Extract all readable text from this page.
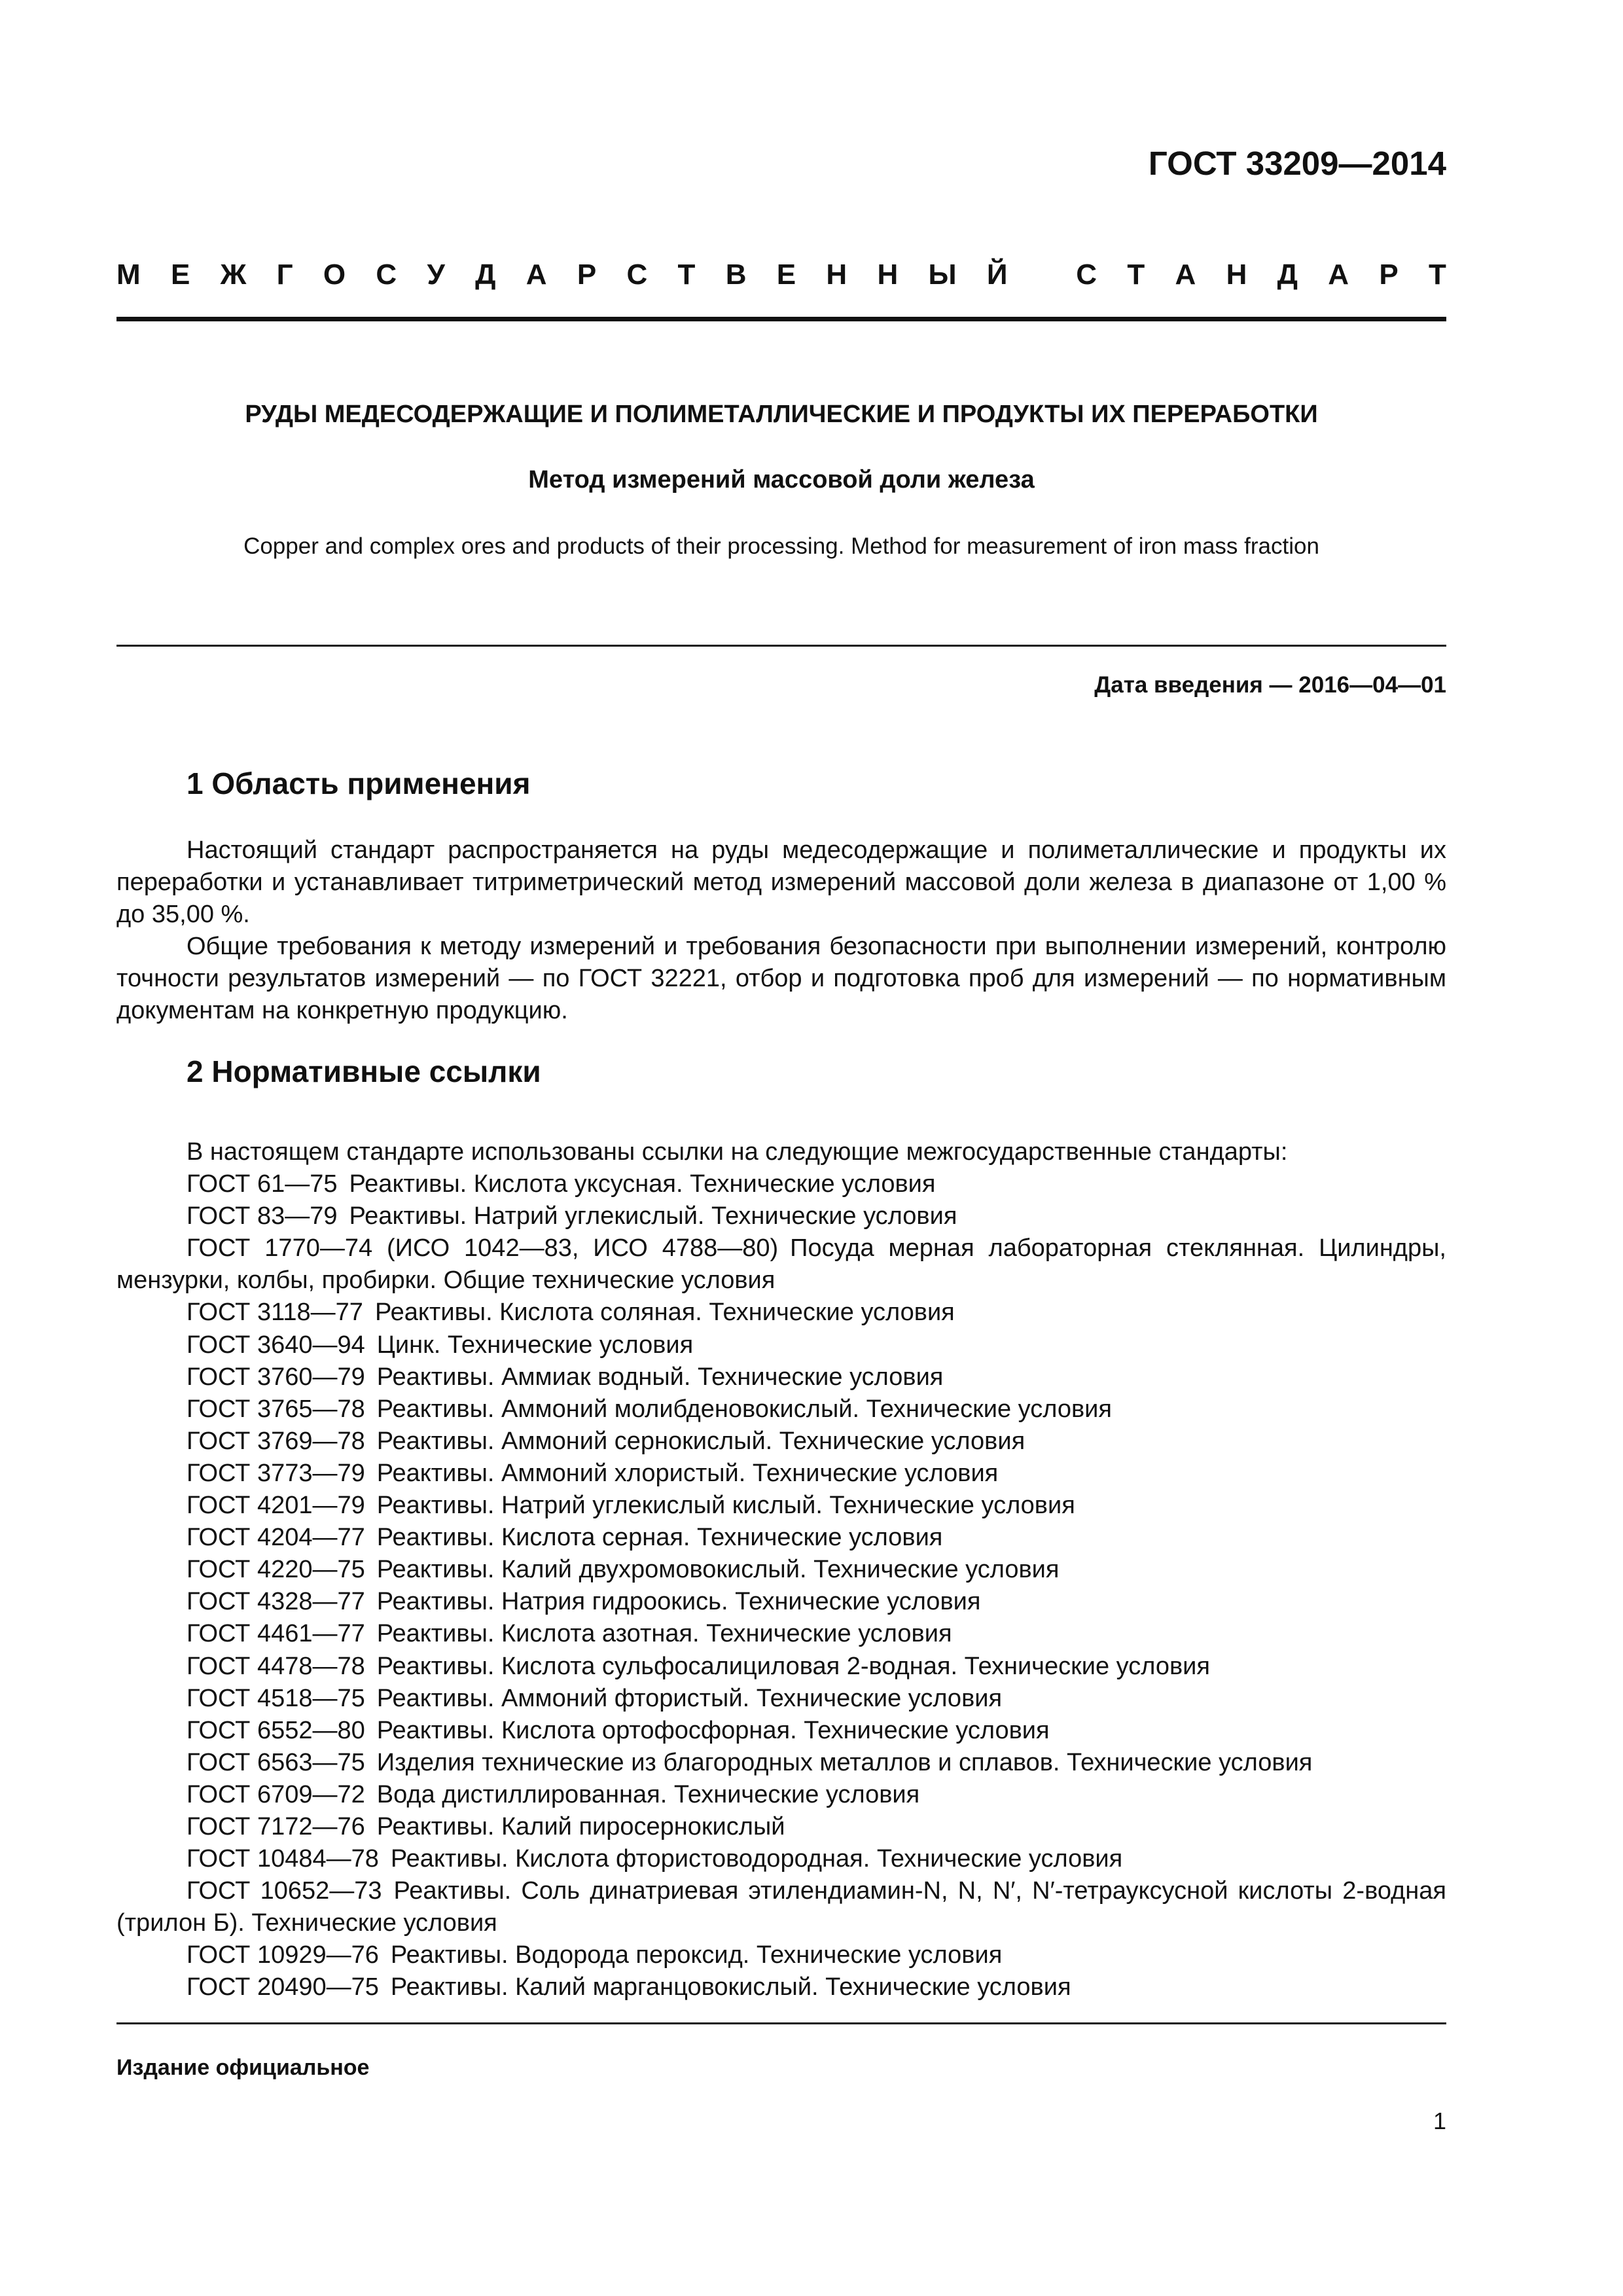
ГОСТ 33209—2014
М Е Ж Г О С У Д А Р С Т В Е Н Н Ы Й
С Т А Н Д А Р Т
РУДЫ МЕДЕСОДЕРЖАЩИЕ И ПОЛИМЕТАЛЛИЧЕСКИЕ И ПРОДУКТЫ ИХ ПЕРЕРАБОТКИ
Метод измерений массовой доли железа

Copper and complex ores and products of their processing. Method for measurement of iron mass fraction

Дата введения — 2016—04—01

1 Область применения

Настоящий стандарт распространяется на руды медесодержащие и полиметаллические и продукты их переработки и устанавливает титриметрический метод измерений массовой доли железа в диапазоне от 1,00 % до 35,00 %.

Общие требования к методу измерений и требования безопасности при выполнении измерений, контролю точности результатов измерений — по ГОСТ 32221, отбор и подготовка проб для измерений — по нормативным документам на конкретную продукцию.

2 Нормативные ссылки
В настоящем стандарте использованы ссылки на следующие межгосударственные стандарты:
ГОСТ 61—75 Реактивы. Кислота уксусная. Технические условия
ГОСТ 83—79 Реактивы. Натрий углекислый. Технические условия
ГОСТ 1770—74 (ИСО 1042—83, ИСО 4788—80) Посуда мерная лабораторная стеклянная. Цилиндры, мензурки, колбы, пробирки. Общие технические условия
ГОСТ 3118—77 Реактивы. Кислота соляная. Технические условия
ГОСТ 3640—94 Цинк. Технические условия
ГОСТ 3760—79 Реактивы. Аммиак водный. Технические условия
ГОСТ 3765—78 Реактивы. Аммоний молибденовокислый. Технические условия
ГОСТ 3769—78 Реактивы. Аммоний сернокислый. Технические условия
ГОСТ 3773—79 Реактивы. Аммоний хлористый. Технические условия
ГОСТ 4201—79 Реактивы. Натрий углекислый кислый. Технические условия
ГОСТ 4204—77 Реактивы. Кислота серная. Технические условия
ГОСТ 4220—75 Реактивы. Калий двухромовокислый. Технические условия
ГОСТ 4328—77 Реактивы. Натрия гидроокись. Технические условия
ГОСТ 4461—77 Реактивы. Кислота азотная. Технические условия
ГОСТ 4478—78 Реактивы. Кислота сульфосалициловая 2-водная. Технические условия
ГОСТ 4518—75 Реактивы. Аммоний фтористый. Технические условия
ГОСТ 6552—80 Реактивы. Кислота ортофосфорная. Технические условия
ГОСТ 6563—75 Изделия технические из благородных металлов и сплавов. Технические условия
ГОСТ 6709—72 Вода дистиллированная. Технические условия
ГОСТ 7172—76 Реактивы. Калий пиросернокислый
ГОСТ 10484—78 Реактивы. Кислота фтористоводородная. Технические условия
ГОСТ 10652—73 Реактивы. Соль динатриевая этилендиамин-N, N, N′, N′-тетрауксусной кислоты 2-водная (трилон Б). Технические условия
ГОСТ 10929—76 Реактивы. Водорода пероксид. Технические условия
ГОСТ 20490—75 Реактивы. Калий марганцовокислый. Технические условия

Издание официальное

1
